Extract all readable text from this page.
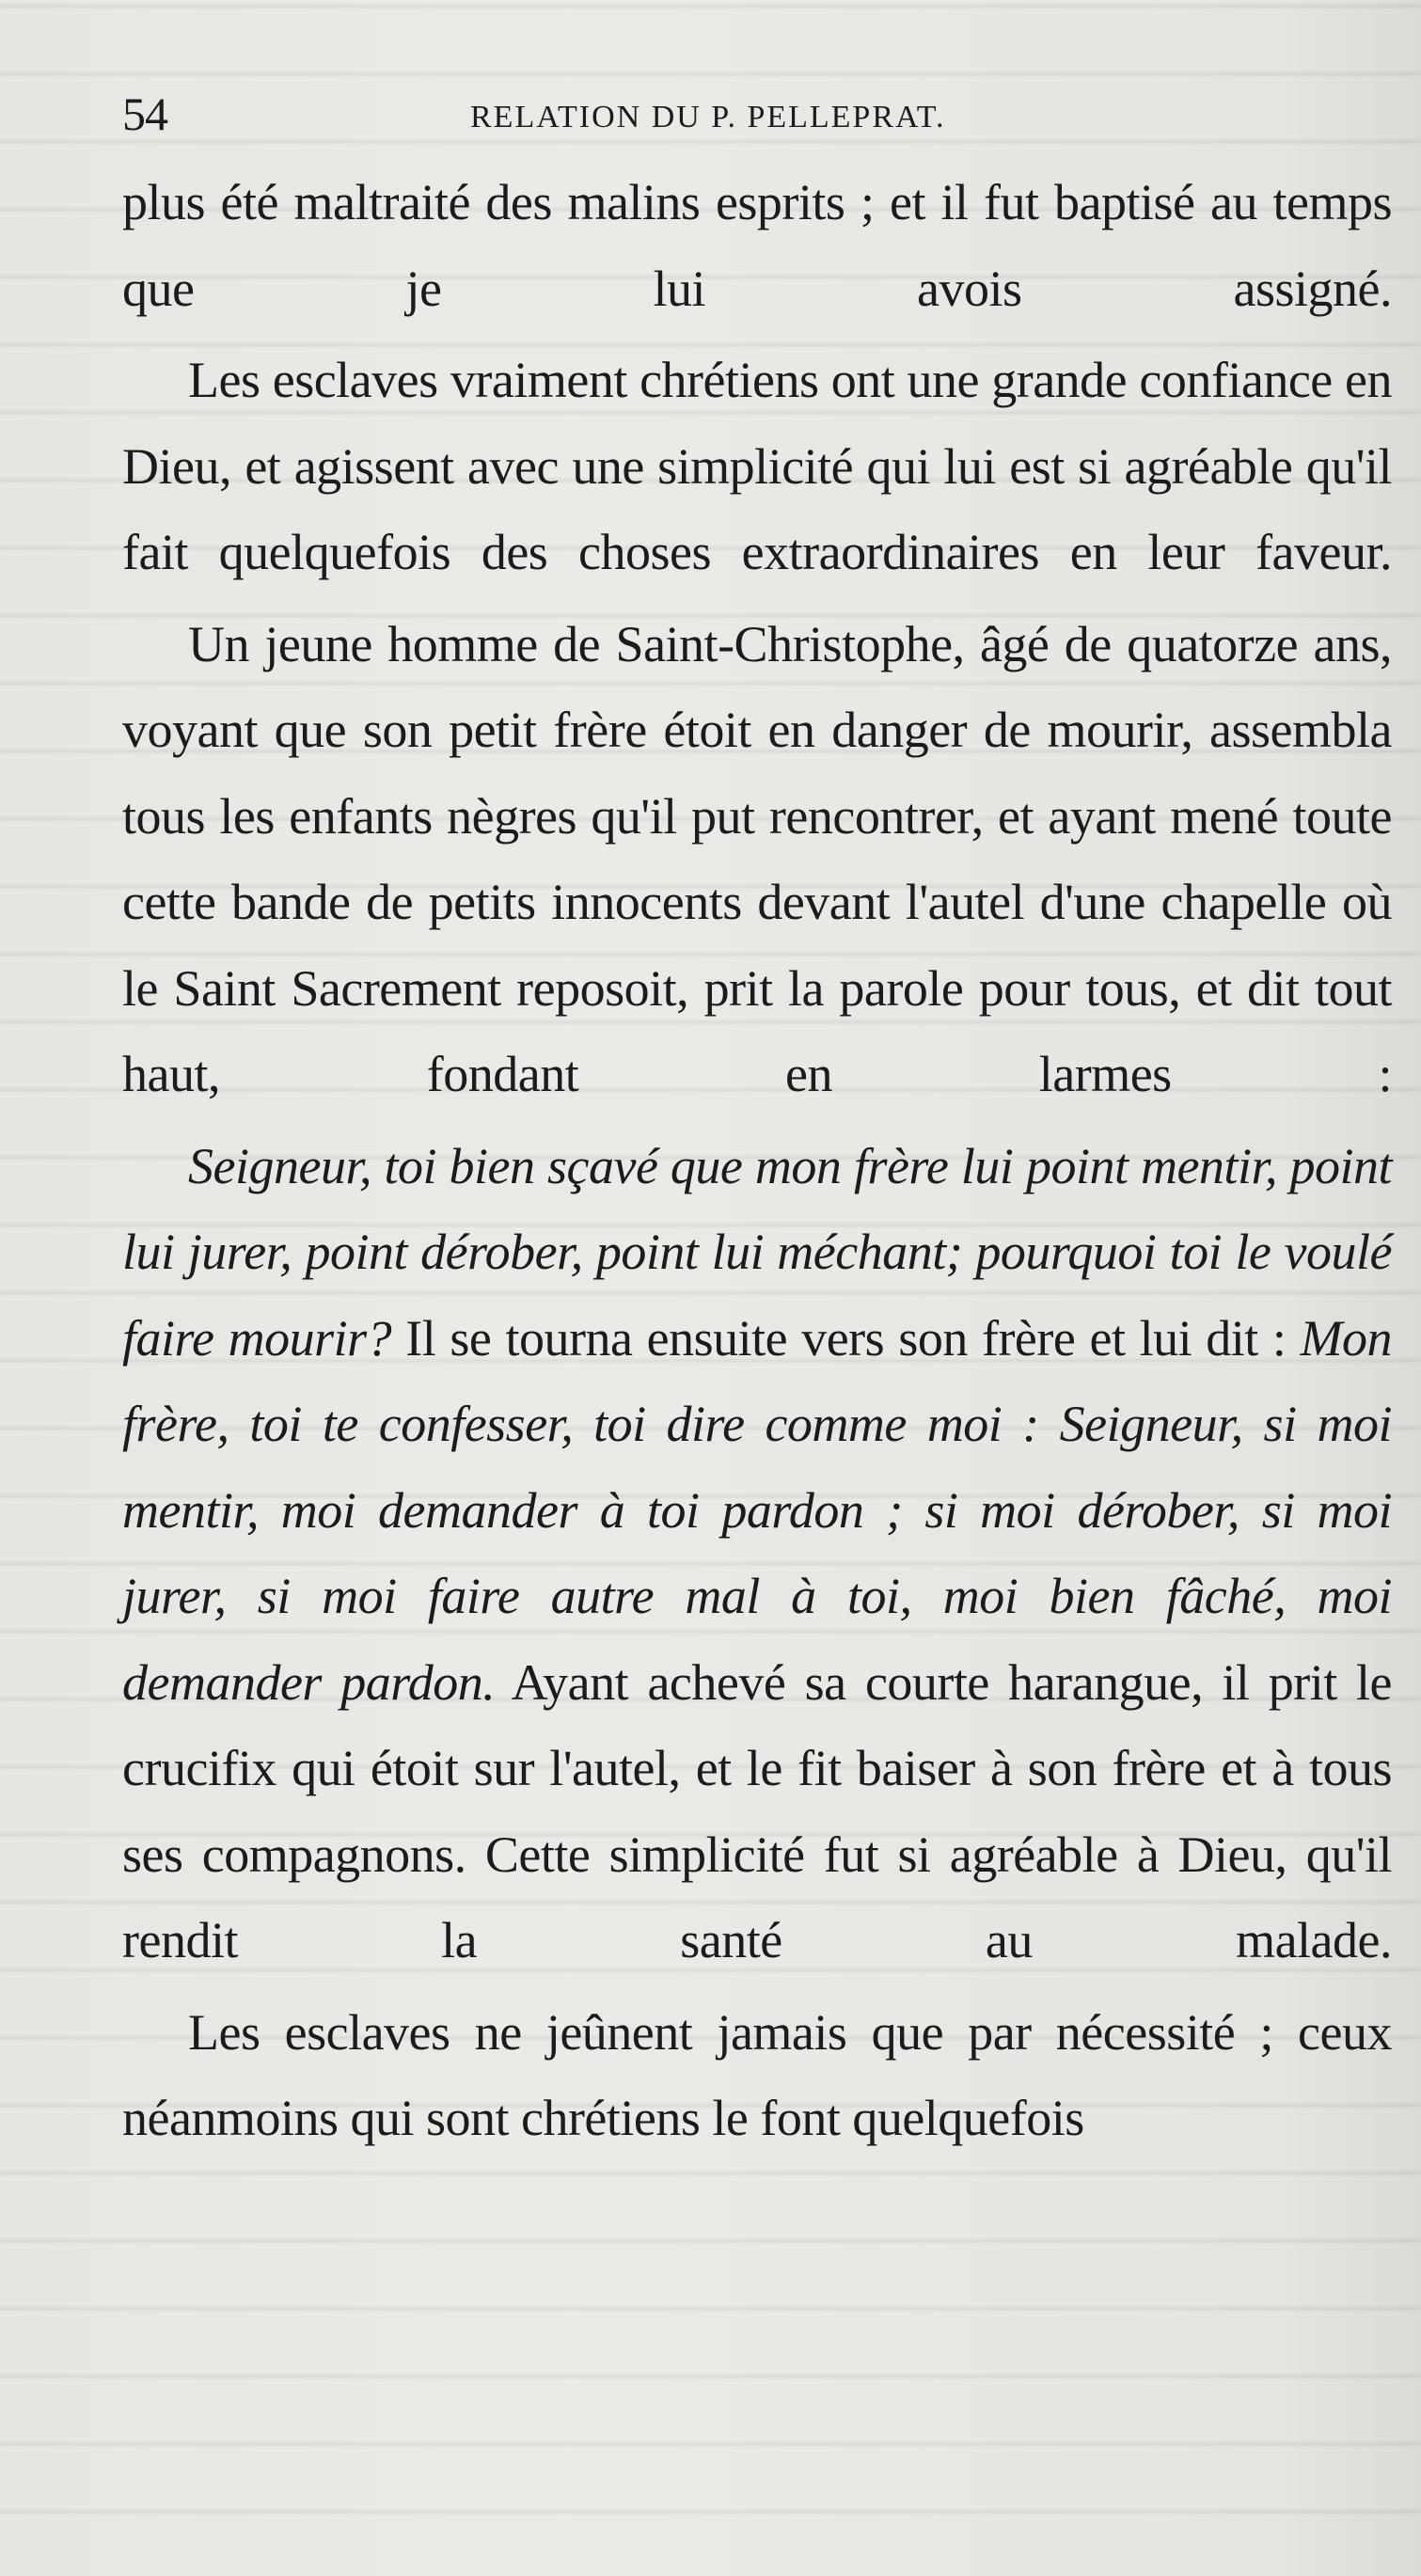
54	RELATION DU P. PELLEPRAT.

plus été maltraité des malins esprits ; et il fut baptisé au temps que je lui avois assigné.

Les esclaves vraiment chrétiens ont une grande confiance en Dieu, et agissent avec une simplicité qui lui est si agréable qu'il fait quelquefois des choses extraordinaires en leur faveur.

Un jeune homme de Saint-Christophe, âgé de quatorze ans, voyant que son petit frère étoit en danger de mourir, assembla tous les enfants nègres qu'il put rencontrer, et ayant mené toute cette bande de petits innocents devant l'autel d'une chapelle où le Saint Sacrement reposoit, prit la parole pour tous, et dit tout haut, fondant en larmes :

Seigneur, toi bien sçavé que mon frère lui point mentir, point lui jurer, point dérober, point lui méchant; pourquoi toi le voulé faire mourir? Il se tourna ensuite vers son frère et lui dit : Mon frère, toi te confesser, toi dire comme moi : Seigneur, si moi mentir, moi demander à toi pardon ; si moi dérober, si moi jurer, si moi faire autre mal à toi, moi bien fâché, moi demander pardon. Ayant achevé sa courte harangue, il prit le crucifix qui étoit sur l'autel, et le fit baiser à son frère et à tous ses compagnons. Cette simplicité fut si agréable à Dieu, qu'il rendit la santé au malade.

Les esclaves ne jeûnent jamais que par nécessité ; ceux néanmoins qui sont chrétiens le font quelquefois
